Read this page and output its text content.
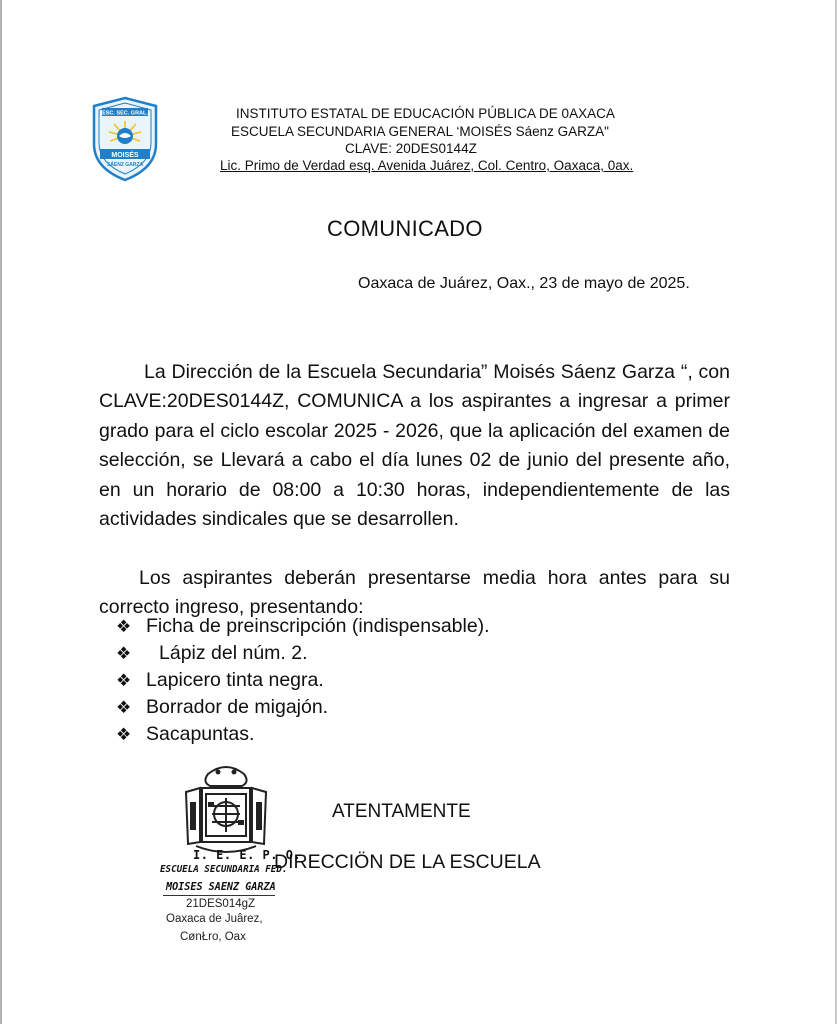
ESC. SEC. GRAL.
MOISÉS
SÁENZ GARZA
INSTITUTO ESTATAL DE EDUCACIÓN PÚBLICA DE 0AXACA
ESCUELA SECUNDARIA GENERAL ‘MOISÉS Sáenz GARZA"
CLAVE: 20DES0144Z
Lic. Primo de Verdad esq. Avenida Juárez, Col. Centro, Oaxaca, 0ax.
COMUNICADO
Oaxaca de Juárez, Oax., 23 de mayo de 2025.

La Dirección de la Escuela Secundaria” Moisés Sáenz Garza “, con CLAVE:20DES0144Z, COMUNICA a los aspirantes a ingresar a primer grado para el ciclo escolar 2025 - 2026, que la aplicación del examen de selección, se Llevará a cabo el día lunes 02 de junio del presente año, en un horario de 08:00 a 10:30 horas, independientemente de las actividades sindicales que se desarrollen.

Los aspirantes deberán presentarse media hora antes para su correcto ingreso, presentando:

❖ Ficha de preinscripción (indispensable).
❖	Lápiz del núm. 2.
❖ Lapicero tinta negra.
❖ Borrador de migajón.
❖ Sacapuntas.
I. E. E. P. O.
ESCUELA SECUNDARIA FED.
MOISES SAENZ GARZA
21DES014gZ
Oaxaca de Juârez,
CønŁro, Oax
ATENTAMENTE
DIRECCIÖN DE LA ESCUELA
